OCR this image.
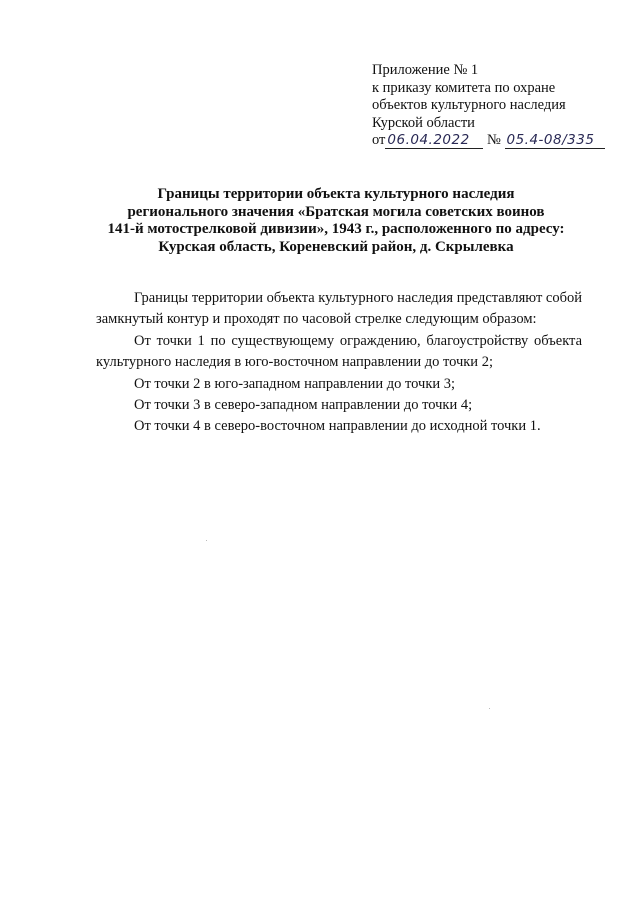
Приложение № 1
к приказу комитета по охране
объектов культурного наследия
Курской области
от 06.04.2022 № 05.4-08/335
Границы территории объекта культурного наследия
регионального значения «Братская могила советских воинов
141-й мотострелковой дивизии», 1943 г., расположенного по адресу:
Курская область, Кореневский район, д. Скрылевка

Границы территории объекта культурного наследия представляют собой замкнутый контур и проходят по часовой стрелке следующим образом:

От точки 1 по существующему ограждению, благоустройству объекта культурного наследия в юго-восточном направлении до точки 2;

От точки 2 в юго-западном направлении до точки 3;

От точки 3 в северо-западном направлении до точки 4;

От точки 4 в северо-восточном направлении до исходной точки 1.
